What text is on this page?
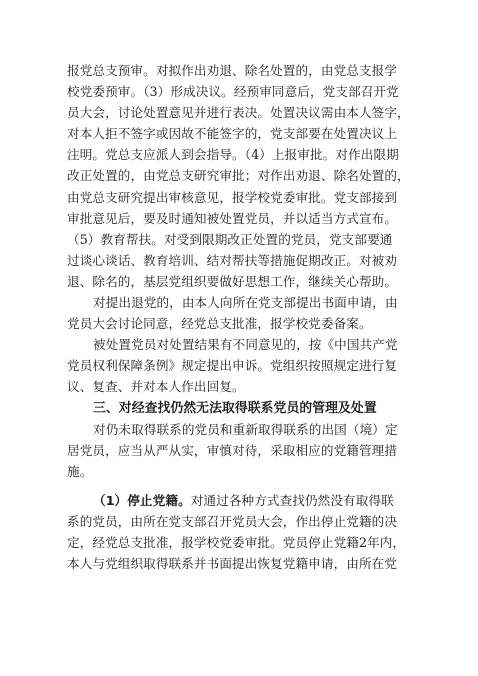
报党总支预审。对拟作出劝退、除名处置的，由党总支报学
校党委预审。（3）形成决议。经预审同意后，党支部召开党
员大会，讨论处置意见并进行表决。处置决议需由本人签字，
对本人拒不签字或因故不能签字的，党支部要在处置决议上
注明。党总支应派人到会指导。（4）上报审批。对作出限期
改正处置的，由党总支研究审批；对作出劝退、除名处置的，
由党总支研究提出审核意见，报学校党委审批。党支部接到
审批意见后，要及时通知被处置党员，并以适当方式宣布。
（5）教育帮扶。对受到限期改正处置的党员，党支部要通
过谈心谈话、教育培训、结对帮扶等措施促期改正。对被劝
退、除名的，基层党组织要做好思想工作，继续关心帮助。
对提出退党的，由本人向所在党支部提出书面申请，由
党员大会讨论同意，经党总支批准，报学校党委备案。
被处置党员对处置结果有不同意见的，按《中国共产党
党员权利保障条例》规定提出申诉。党组织按照规定进行复
议、复查、并对本人作出回复。
三、对经查找仍然无法取得联系党员的管理及处置
对仍未取得联系的党员和重新取得联系的出国（境）定
居党员，应当从严从实，审慎对待，采取相应的党籍管理措
施。
（1）停止党籍。对通过各种方式查找仍然没有取得联
系的党员，由所在党支部召开党员大会，作出停止党籍的决
定，经党总支批准，报学校党委审批。党员停止党籍2年内，
本人与党组织取得联系并书面提出恢复党籍申请，由所在党
